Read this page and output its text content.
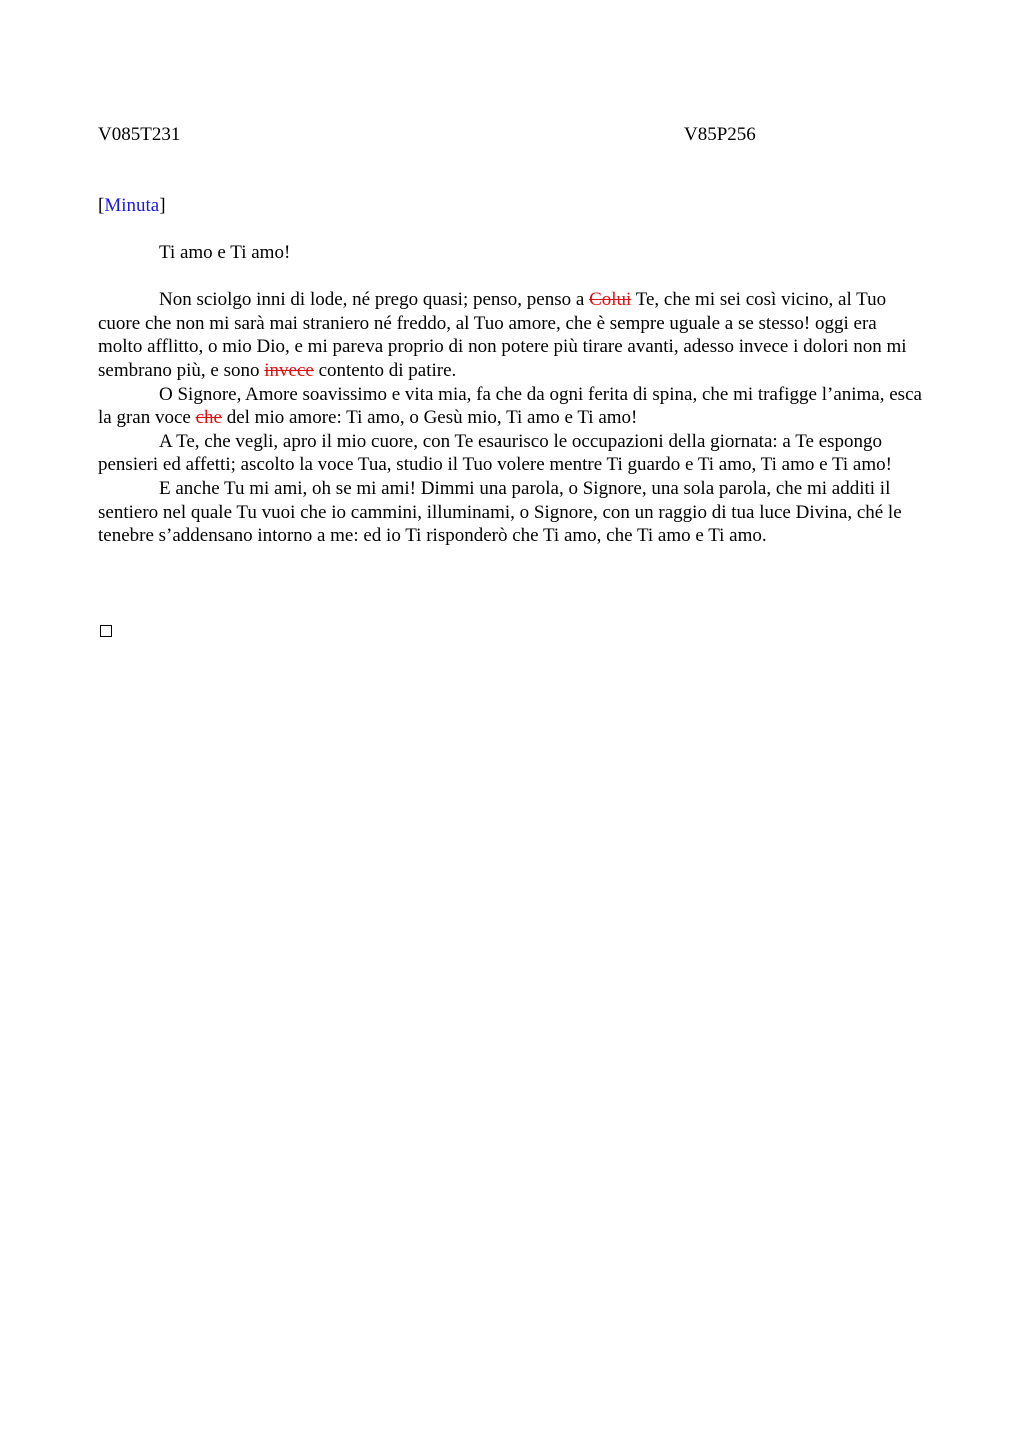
V085T231	V85P256
[Minuta]

Ti amo e Ti amo!

Non sciolgo inni di lode, né prego quasi; penso, penso a Colui Te, che mi sei così vicino, al Tuo cuore che non mi sarà mai straniero né freddo, al Tuo amore, che è sempre uguale a se stesso! oggi era molto afflitto, o mio Dio, e mi pareva proprio di non potere più tirare avanti, adesso invece i dolori non mi sembrano più, e sono invece contento di patire.

O Signore, Amore soavissimo e vita mia, fa che da ogni ferita di spina, che mi trafigge l’anima, esca la gran voce che del mio amore: Ti amo, o Gesù mio, Ti amo e Ti amo!

A Te, che vegli, apro il mio cuore, con Te esaurisco le occupazioni della giornata: a Te espongo pensieri ed affetti; ascolto la voce Tua, studio il Tuo volere mentre Ti guardo e Ti amo, Ti amo e Ti amo!

E anche Tu mi ami, oh se mi ami! Dimmi una parola, o Signore, una sola parola, che mi additi il sentiero nel quale Tu vuoi che io cammini, illuminami, o Signore, con un raggio di tua luce Divina, ché le tenebre s’addensano intorno a me: ed io Ti risponderò che Ti amo, che Ti amo e Ti amo.
